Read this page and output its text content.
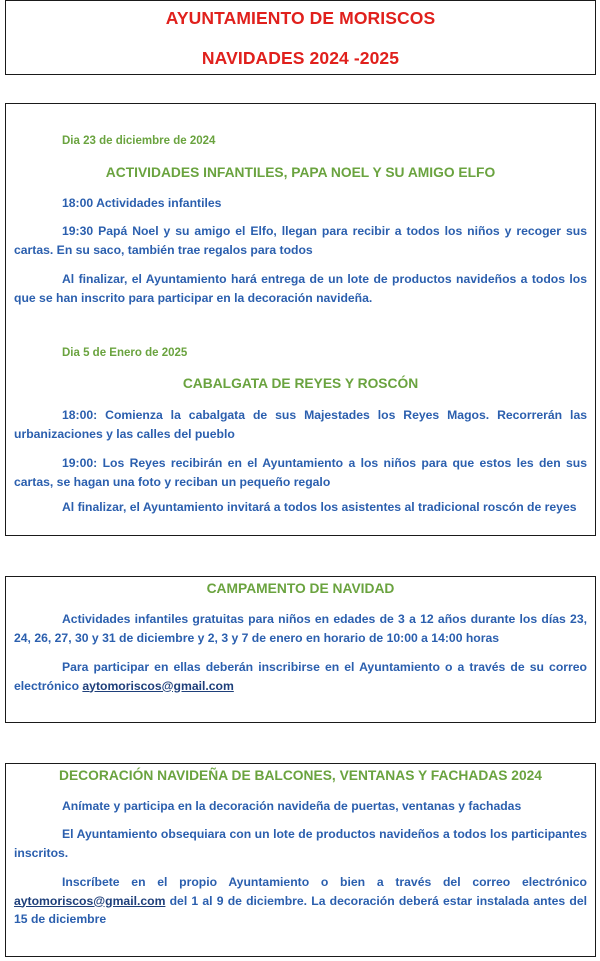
AYUNTAMIENTO DE MORISCOS
NAVIDADES 2024 -2025
Dia 23 de diciembre de 2024
ACTIVIDADES INFANTILES, PAPA NOEL Y SU AMIGO ELFO
18:00 Actividades infantiles
19:30 Papá Noel y su amigo el Elfo, llegan para recibir a todos los niños y recoger sus cartas. En su saco, también trae regalos para todos
Al finalizar, el Ayuntamiento hará entrega de un lote de productos navideños a todos los que se han inscrito para participar en la decoración navideña.
Dia 5 de Enero de 2025
CABALGATA DE REYES Y ROSCÓN
18:00: Comienza la cabalgata de sus Majestades los Reyes Magos. Recorrerán las urbanizaciones y las calles del pueblo
19:00: Los Reyes recibirán en el Ayuntamiento a los niños para que estos les den sus cartas, se hagan una foto y reciban un pequeño regalo
Al finalizar, el Ayuntamiento invitará a todos los asistentes al tradicional roscón de reyes
CAMPAMENTO DE NAVIDAD
Actividades infantiles gratuitas para niños en edades de 3 a 12 años durante los días 23, 24, 26, 27, 30 y 31 de diciembre y 2, 3 y 7 de enero en horario de 10:00 a 14:00 horas
Para participar en ellas deberán inscribirse en el Ayuntamiento o a través de su correo electrónico aytomoriscos@gmail.com
DECORACIÓN NAVIDEÑA DE BALCONES, VENTANAS Y FACHADAS 2024
Anímate y participa en la decoración navideña de puertas, ventanas y fachadas
El Ayuntamiento obsequiara con un lote de productos navideños a todos los participantes inscritos.
Inscríbete en el propio Ayuntamiento o bien a través del correo electrónico aytomoriscos@gmail.com del 1 al 9 de diciembre. La decoración deberá estar instalada antes del 15 de diciembre
